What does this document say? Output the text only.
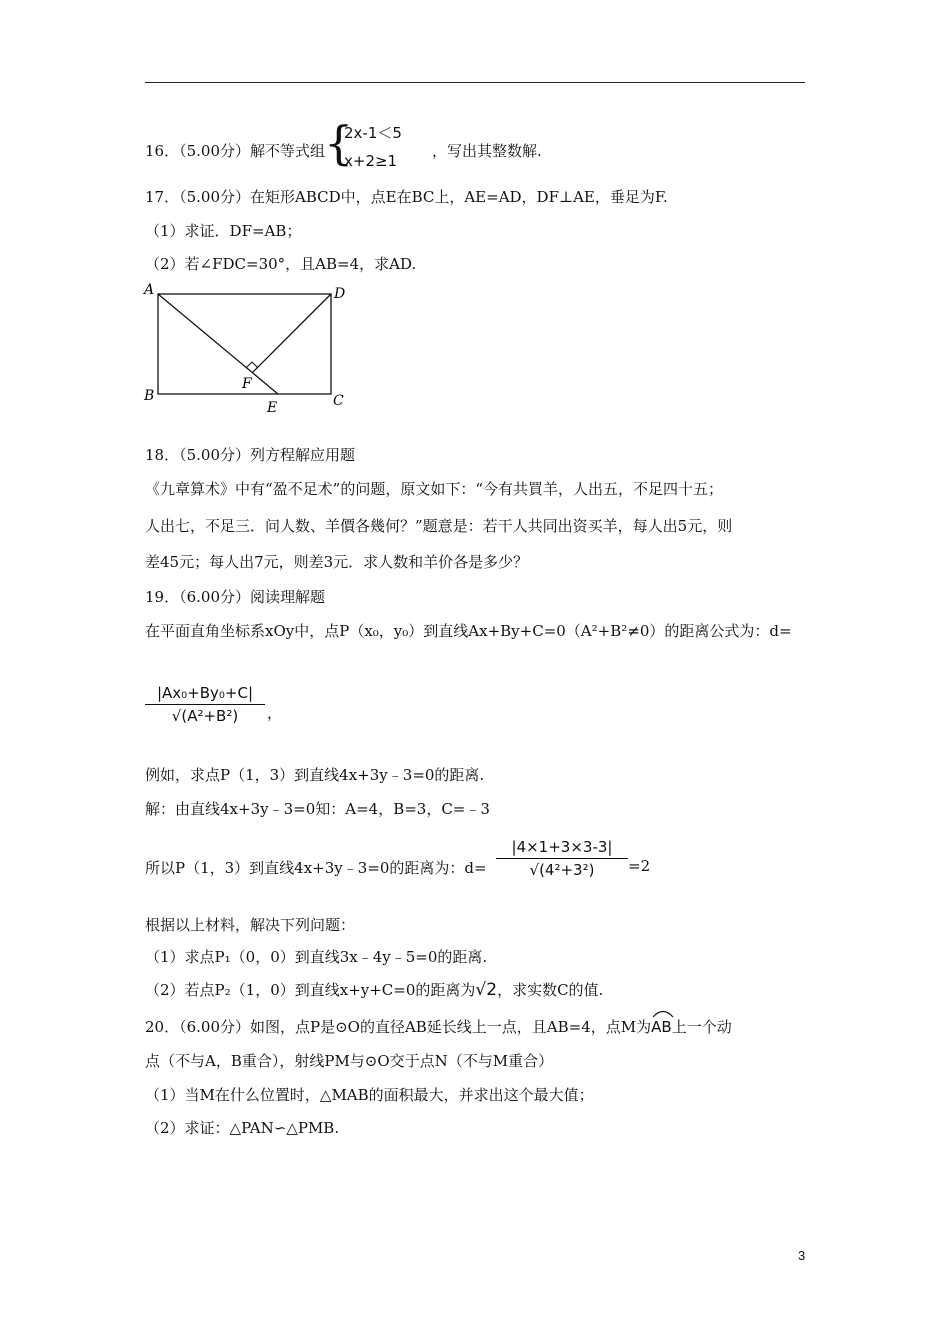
16．（5.00分）解不等式组 {
2x-1＜5
x+2≥1
，写出其整数解.
17．（5.00分）在矩形ABCD中，点E在BC上，AE=AD，DF⊥AE，垂足为F.
（1）求证．DF=AB；
（2）若∠FDC=30°，且AB=4，求AD.
A	D
B	C
E
F
18．（5.00分）列方程解应用题
《九章算术》中有“盈不足术”的问题，原文如下：“今有共買羊，人出五，不足四十五；
人出七，不足三．问人数、羊價各幾何？”题意是：若干人共同出资买羊，每人出5元，则
差45元；每人出7元，则差3元．求人数和羊价各是多少？
19．（6.00分）阅读理解题
在平面直角坐标系xOy中，点P（x₀，y₀）到直线Ax+By+C=0（A²+B²≠0）的距离公式为：d=
|Ax₀+By₀+C|
√(A²+B²)	，
例如，求点P（1，3）到直线4x+3y﹣3=0的距离.
解：由直线4x+3y﹣3=0知：A=4，B=3，C=﹣3
所以P（1，3）到直线4x+3y﹣3=0的距离为：d=
|4×1+3×3-3|
√(4²+3²)	=2
根据以上材料，解决下列问题：
（1）求点P₁（0，0）到直线3x﹣4y﹣5=0的距离.
（2）若点P₂（1，0）到直线x+y+C=0的距离为√2，求实数C的值.
20．（6.00分）如图，点P是⊙O的直径AB延长线上一点，且AB=4，点M为
AB上一个动
点（不与A，B重合），射线PM与⊙O交于点N（不与M重合）
（1）当M在什么位置时，△MAB的面积最大，并求出这个最大值；
（2）求证：△PAN∽△PMB.
3
